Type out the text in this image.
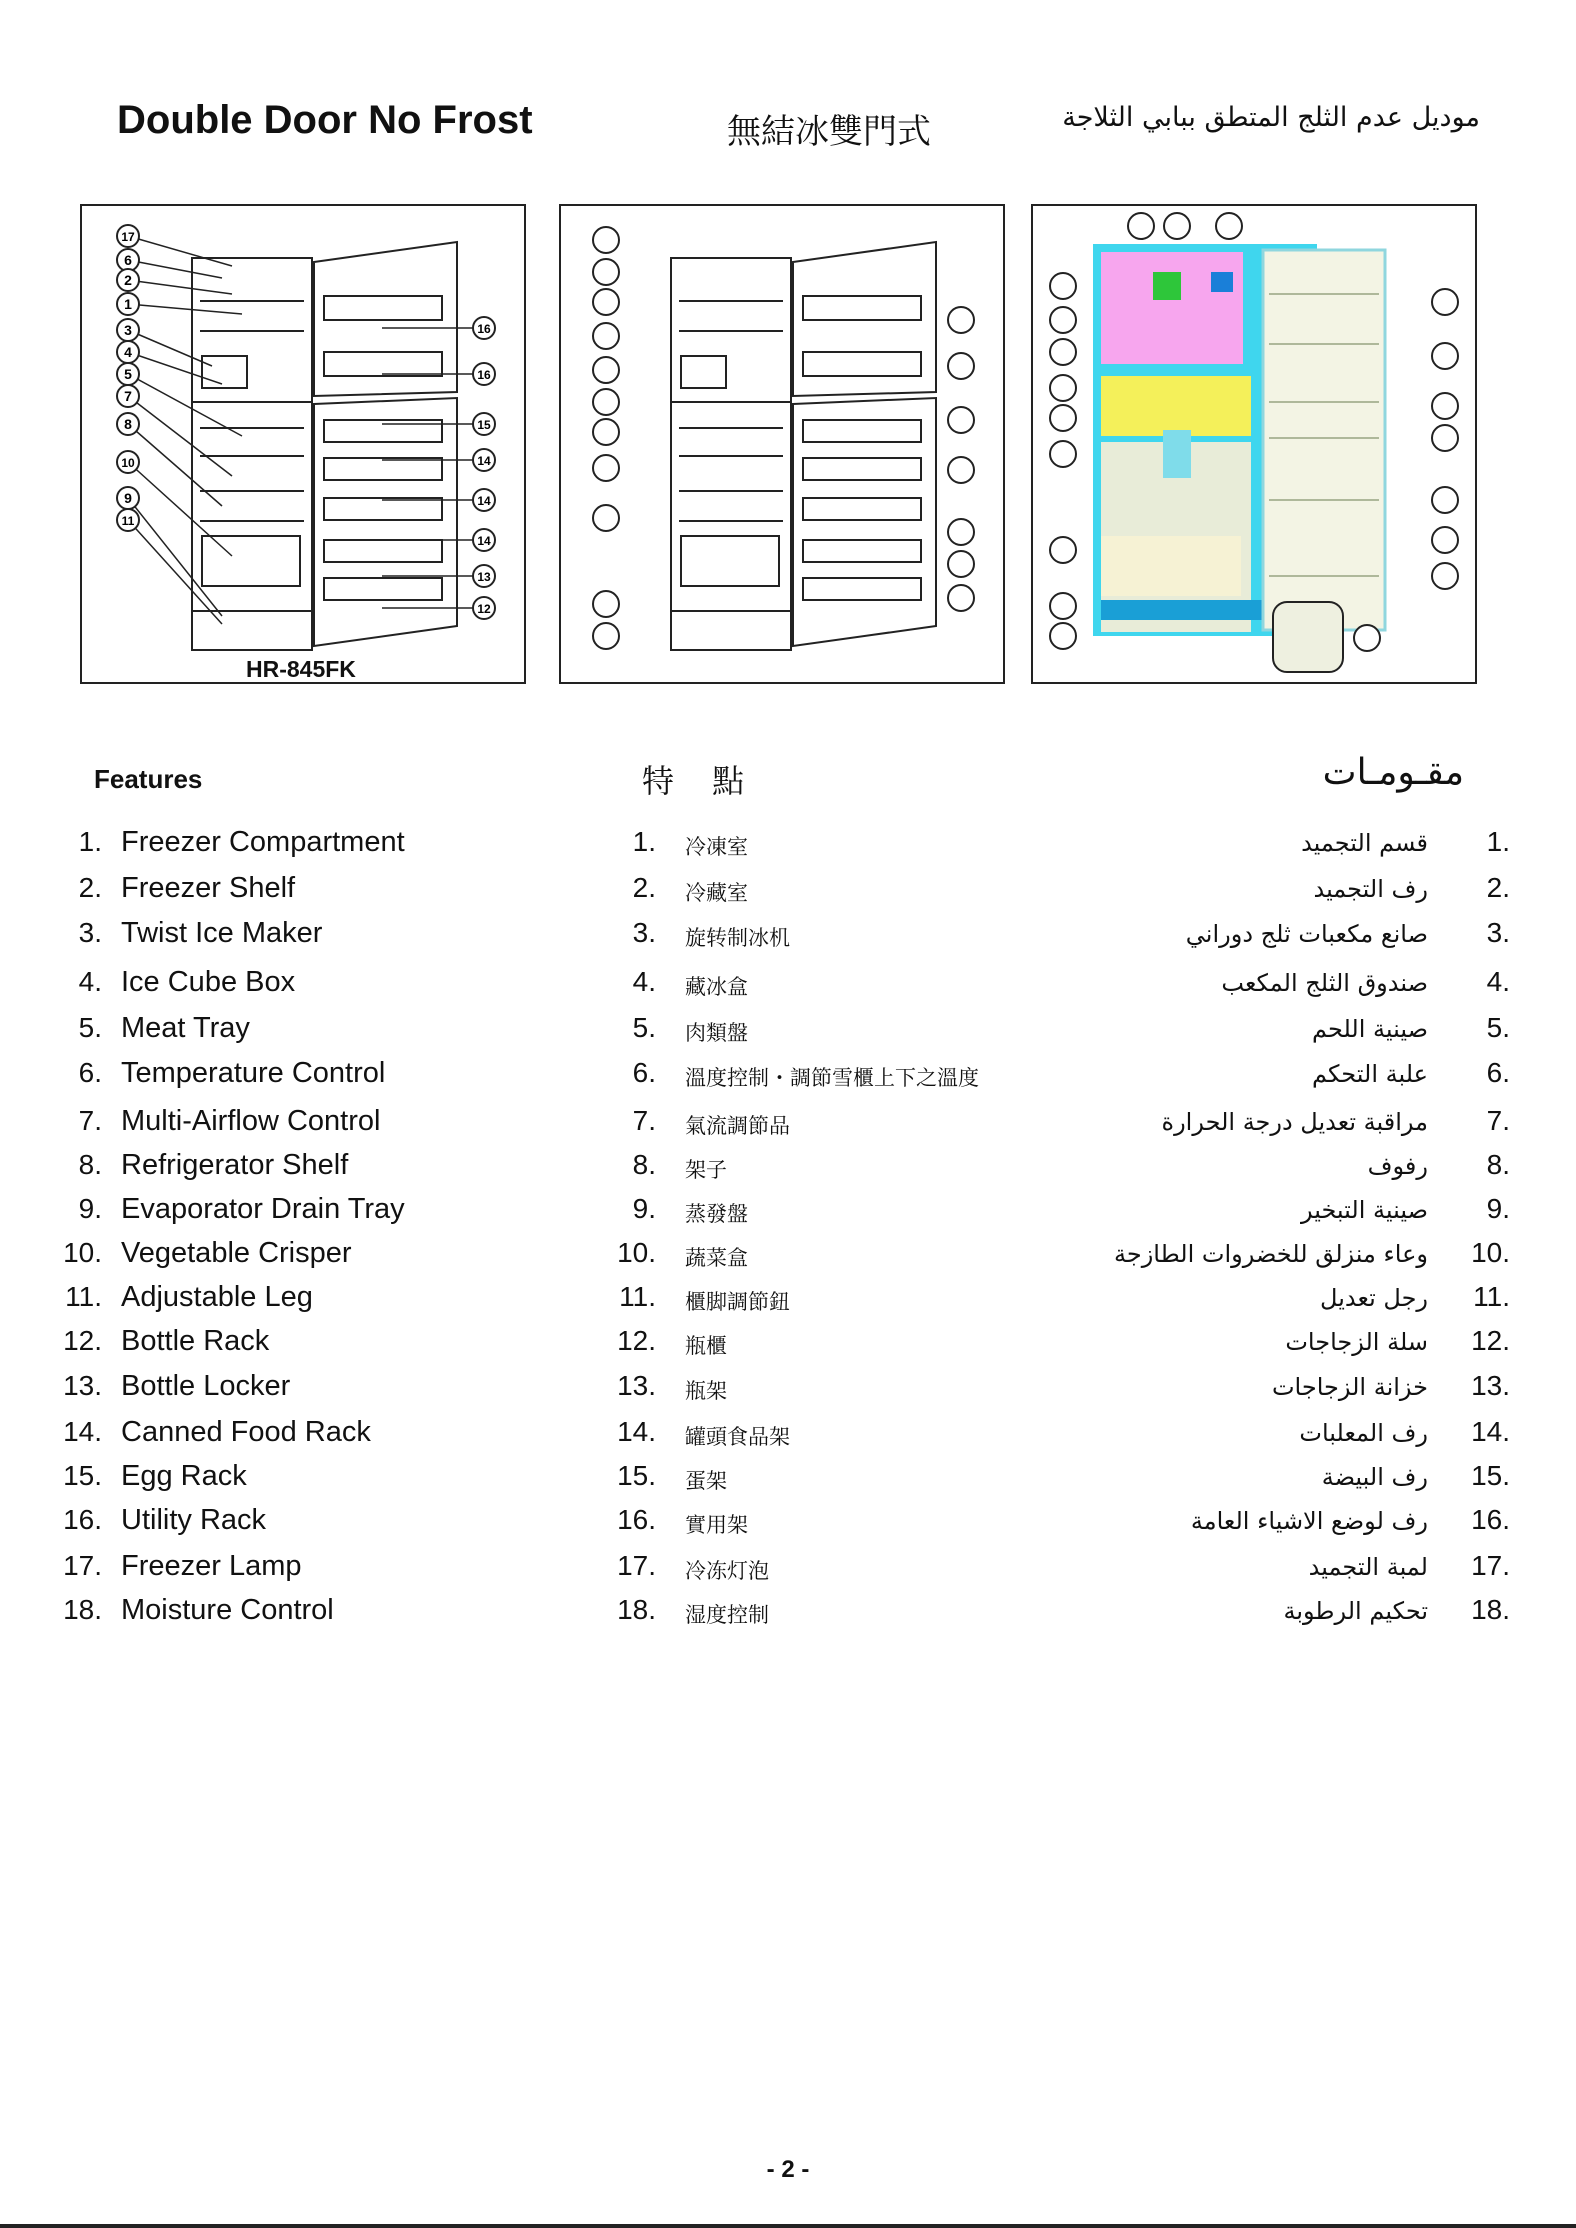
Double Door No Frost	無結冰雙門式	موديل عدم الثلج المتطق ببابي الثلاجة
17
6
2
1
3
4
5
7
8
10
9
11
16
16
15
14
14
14
13
12
HR-845FK
Features	特 點	مقـومـات
1. Freezer Compartment	1. 冷凍室	قسم التجميد	1.
2. Freezer Shelf	2. 冷藏室	رف التجميد	2.
3. Twist Ice Maker	3. 旋转制冰机	صانع مكعبات ثلج دوراني	3.
4. Ice Cube Box	4. 藏冰盒	صندوق الثلج المكعب	4.
5. Meat Tray	5. 肉類盤	صينية اللحم	5.
6. Temperature Control	6. 溫度控制・調節雪櫃上下之溫度	علبة التحكم	6.
7. Multi-Airflow Control	7. 氣流調節品	مراقبة تعديل درجة الحرارة	7.
8. Refrigerator Shelf	8. 架子	رفوف	8.
9. Evaporator Drain Tray	9. 蒸發盤	صينية التبخير	9.
10. Vegetable Crisper	10. 蔬菜盒	وعاء منزلق للخضروات الطازجة	10.
11. Adjustable Leg	11. 櫃脚調節鈕	رجل تعديل	11.
12. Bottle Rack	12. 瓶櫃	سلة الزجاجات	12.
13. Bottle Locker	13. 瓶架	خزانة الزجاجات	13.
14. Canned Food Rack	14. 罐頭食品架	رف المعلبات	14.
15. Egg Rack	15. 蛋架	رف البيضة	15.
16. Utility Rack	16. 實用架	رف لوضع الاشياء العامة	16.
17. Freezer Lamp	17. 冷冻灯泡	لمبة التجميد	17.
18. Moisture Control	18. 湿度控制	تحكيم الرطوبة	18.
- 2 -
